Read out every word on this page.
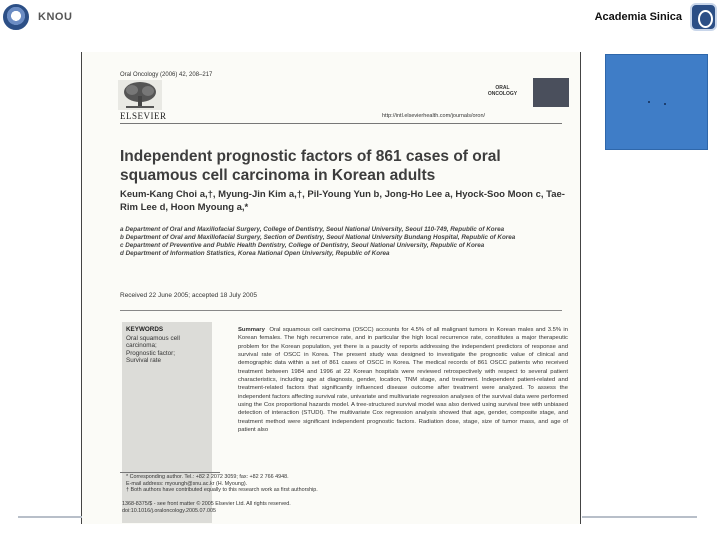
KNOU	Academia Sinica
Oral Oncology (2006) 42, 208–217
ELSEVIER
ORAL
ONCOLOGY
http://intl.elsevierhealth.com/journals/oron/
Independent prognostic factors of 861 cases of oral squamous cell carcinoma in Korean adults
Keum-Kang Choi a,†, Myung-Jin Kim a,†, Pil-Young Yun b, Jong-Ho Lee a, Hyock-Soo Moon c, Tae-Rim Lee d, Hoon Myoung a,*

a Department of Oral and Maxillofacial Surgery, College of Dentistry, Seoul National University, Seoul 110-749, Republic of Korea

b Department of Oral and Maxillofacial Surgery, Section of Dentistry, Seoul National University Bundang Hospital, Republic of Korea

c Department of Preventive and Public Health Dentistry, College of Dentistry, Seoul National University, Republic of Korea

d Department of Information Statistics, Korea National Open University, Republic of Korea

Received 22 June 2005; accepted 18 July 2005
KEYWORDS
Oral squamous cell
carcinoma;
Prognostic factor;
Survival rate
Summary Oral squamous cell carcinoma (OSCC) accounts for 4.5% of all malignant tumors in Korean males and 3.5% in Korean females. The high recurrence rate, and in particular the high local recurrence rate, constitutes a major therapeutic problem for the Korean population, yet there is a paucity of reports addressing the independent predictors of response and survival rate of OSCC in Korea. The present study was designed to investigate the prognostic value of clinical and demographic data within a set of 861 cases of OSCC in Korea. The medical records of 861 OSCC patients who received treatment between 1984 and 1996 at 22 Korean hospitals were reviewed retrospectively with respect to several patient characteristics, including age at diagnosis, gender, location, TNM stage, and treatment. Independent patient-related and treatment-related factors that significantly influenced disease outcome after treatment were analyzed. To assess the independent factors affecting survival rate, univariate and multivariate regression analyses of the survival data were performed using the Cox proportional hazards model. A tree-structured survival model was also derived using survival tree with unbiased detection of interaction (STUDI). The multivariate Cox regression analysis showed that age, gender, composite stage, and treatment method were significant independent prognostic factors. Radiation dose, stage, size of tumor mass, and age of patient also
* Corresponding author. Tel.: +82 2 2072 3059; fax: +82 2 766 4948.
E-mail address: myoungh@snu.ac.kr (H. Myoung).
† Both authors have contributed equally to this research work as first authorship.
1368-8375/$ - see front matter © 2005 Elsevier Ltd. All rights reserved.
doi:10.1016/j.oraloncology.2005.07.005
